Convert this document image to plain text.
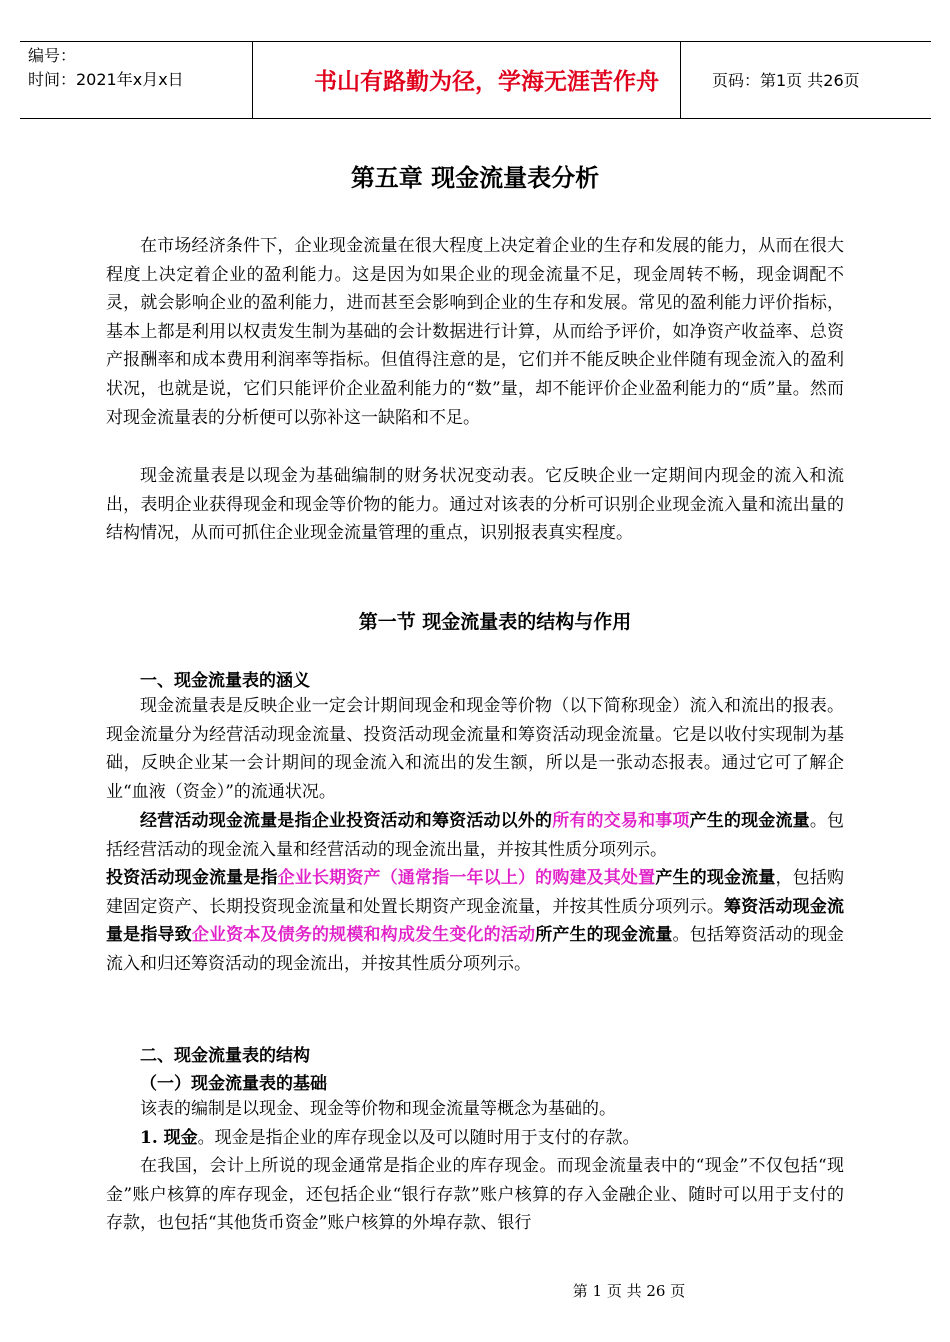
编号：
时间：2021年x月x日	书山有路勤为径，学海无涯苦作舟	页码：第1页 共26页
第五章 现金流量表分析
在市场经济条件下，企业现金流量在很大程度上决定着企业的生存和发展的能力，从而在很大程度上决定着企业的盈利能力。这是因为如果企业的现金流量不足，现金周转不畅，现金调配不灵，就会影响企业的盈利能力，进而甚至会影响到企业的生存和发展。常见的盈利能力评价指标，基本上都是利用以权责发生制为基础的会计数据进行计算，从而给予评价，如净资产收益率、总资产报酬率和成本费用利润率等指标。但值得注意的是，它们并不能反映企业伴随有现金流入的盈利状况，也就是说，它们只能评价企业盈利能力的“数”量，却不能评价企业盈利能力的“质”量。然而对现金流量表的分析便可以弥补这一缺陷和不足。
现金流量表是以现金为基础编制的财务状况变动表。它反映企业一定期间内现金的流入和流出，表明企业获得现金和现金等价物的能力。通过对该表的分析可识别企业现金流入量和流出量的结构情况，从而可抓住企业现金流量管理的重点，识别报表真实程度。
第一节 现金流量表的结构与作用
一、现金流量表的涵义
现金流量表是反映企业一定会计期间现金和现金等价物（以下简称现金）流入和流出的报表。现金流量分为经营活动现金流量、投资活动现金流量和筹资活动现金流量。它是以收付实现制为基础，反映企业某一会计期间的现金流入和流出的发生额，所以是一张动态报表。通过它可了解企业“血液（资金）”的流通状况。
经营活动现金流量是指企业投资活动和筹资活动以外的所有的交易和事项产生的现金流量。包括经营活动的现金流入量和经营活动的现金流出量，并按其性质分项列示。
投资活动现金流量是指企业长期资产（通常指一年以上）的购建及其处置产生的现金流量，包括购建固定资产、长期投资现金流量和处置长期资产现金流量，并按其性质分项列示。筹资活动现金流量是指导致企业资本及债务的规模和构成发生变化的活动所产生的现金流量。包括筹资活动的现金流入和归还筹资活动的现金流出，并按其性质分项列示。
二、现金流量表的结构
（一）现金流量表的基础
该表的编制是以现金、现金等价物和现金流量等概念为基础的。
1. 现金。现金是指企业的库存现金以及可以随时用于支付的存款。
在我国，会计上所说的现金通常是指企业的库存现金。而现金流量表中的“现金”不仅包括“现金”账户核算的库存现金，还包括企业“银行存款”账户核算的存入金融企业、随时可以用于支付的存款，也包括“其他货币资金”账户核算的外埠存款、银行
第 1 页 共 26 页
